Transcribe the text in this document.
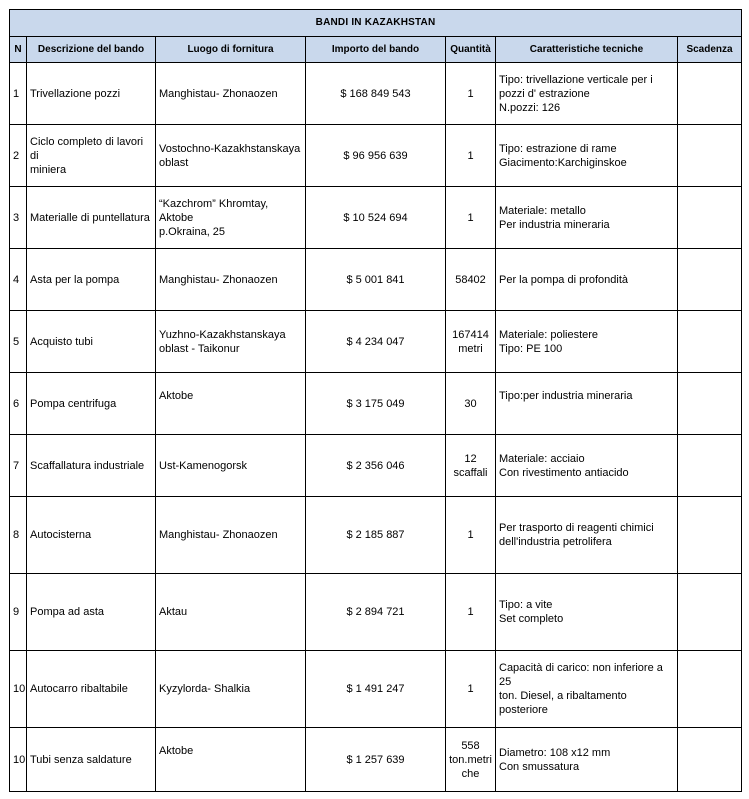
BANDI IN KAZAKHSTAN						
N	Descrizione del bando	Luogo di fornitura	Importo del bando	Quantità	Caratteristiche tecniche	Scadenza
1	Trivellazione pozzi	Manghistau- Zhonaozen	$ 168 849 543	1	Tipo: trivellazione verticale per i
pozzi d' estrazione
N.pozzi: 126	
2	Ciclo completo di lavori di
miniera	Vostochno-Kazakhstanskaya
oblast	$ 96 956 639	1	Tipo: estrazione di rame
Giacimento:Karchiginskoe	
3	Materialle di puntellatura	“Kazchrom” Khromtay, Aktobe
p.Okraina, 25	$ 10 524 694	1	Materiale: metallo
Per industria mineraria	
4	Asta per la pompa	Manghistau- Zhonaozen	$ 5 001 841	58402	Per la pompa di profondità	
5	Acquisto tubi	Yuzhno-Kazakhstanskaya
oblast - Taikonur	$ 4 234 047	167414
metri	Materiale: poliestere
Tipo: PE 100	
6	Pompa centrifuga	Aktobe	$ 3 175 049	30	Tipo:per industria mineraria	
7	Scaffallatura industriale	Ust-Kamenogorsk	$ 2 356 046	12
scaffali	Materiale: acciaio
Con rivestimento antiacido	
8	Autocisterna	Manghistau- Zhonaozen	$ 2 185 887	1	Per trasporto di reagenti chimici
dell'industria petrolifera	
9	Pompa ad asta	Aktau	$ 2 894 721	1	Tipo: a vite
Set completo	
10	Autocarro ribaltabile	Kyzylorda- Shalkia	$ 1 491 247	1	Capacità di carico: non inferiore a 25
ton. Diesel, a ribaltamento posteriore	
10	Tubi senza saldature	Aktobe	$ 1 257 639	558
ton.metri
che	Diametro: 108 x12 mm
Con smussatura	
